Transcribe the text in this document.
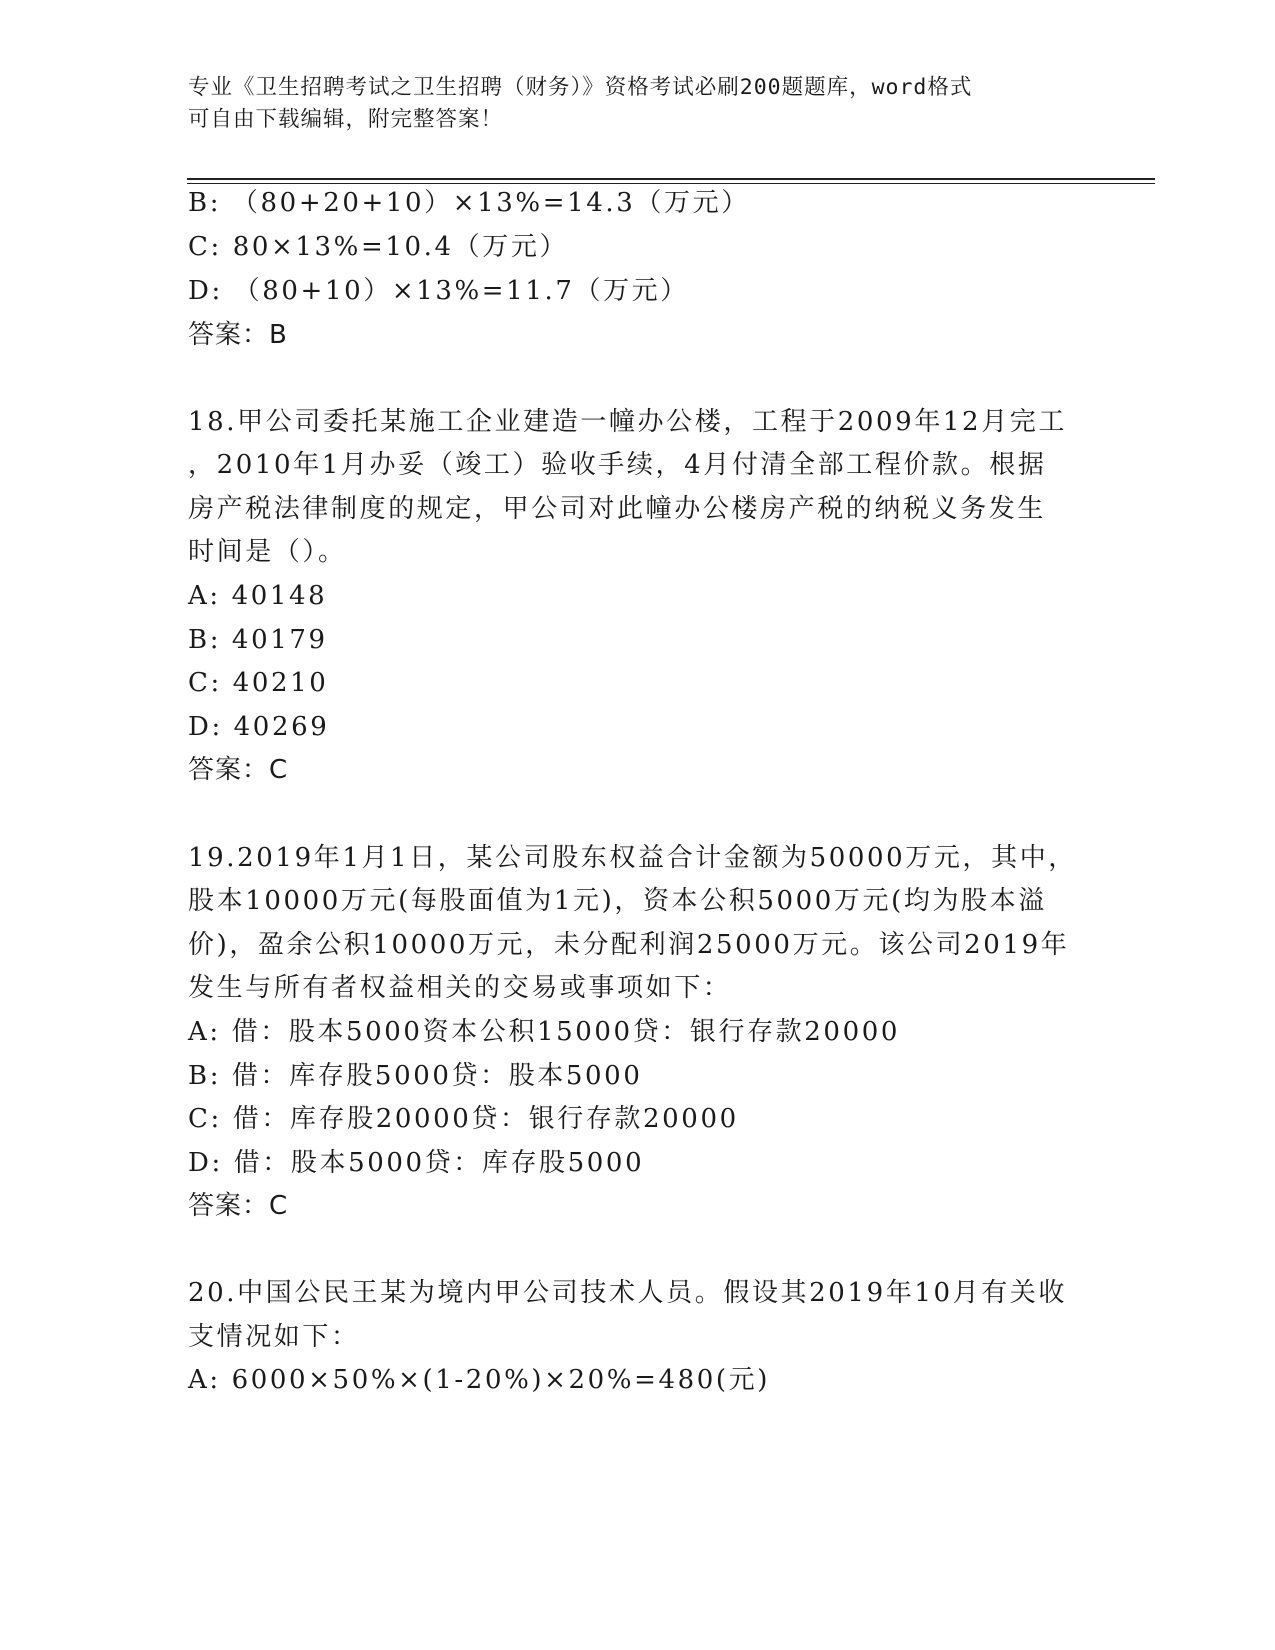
专业《卫生招聘考试之卫生招聘（财务）》资格考试必刷200题题库，word格式
可自由下载编辑，附完整答案！
B: （80+20+10）×13%=14.3（万元）
C: 80×13%=10.4（万元）
D: （80+10）×13%=11.7（万元）
答案：B
18.甲公司委托某施工企业建造一幢办公楼，工程于2009年12月完工
，2010年1月办妥（竣工）验收手续，4月付清全部工程价款。根据
房产税法律制度的规定，甲公司对此幢办公楼房产税的纳税义务发生
时间是（）。
A: 40148
B: 40179
C: 40210
D: 40269
答案：C
19.2019年1月1日，某公司股东权益合计金额为50000万元，其中，
股本10000万元(每股面值为1元)，资本公积5000万元(均为股本溢
价)，盈余公积10000万元，未分配利润25000万元。该公司2019年
发生与所有者权益相关的交易或事项如下：
A: 借：股本5000资本公积15000贷：银行存款20000
B: 借：库存股5000贷：股本5000
C: 借：库存股20000贷：银行存款20000
D: 借：股本5000贷：库存股5000
答案：C
20.中国公民王某为境内甲公司技术人员。假设其2019年10月有关收
支情况如下：
A: 6000×50%×(1-20%)×20%=480(元)
